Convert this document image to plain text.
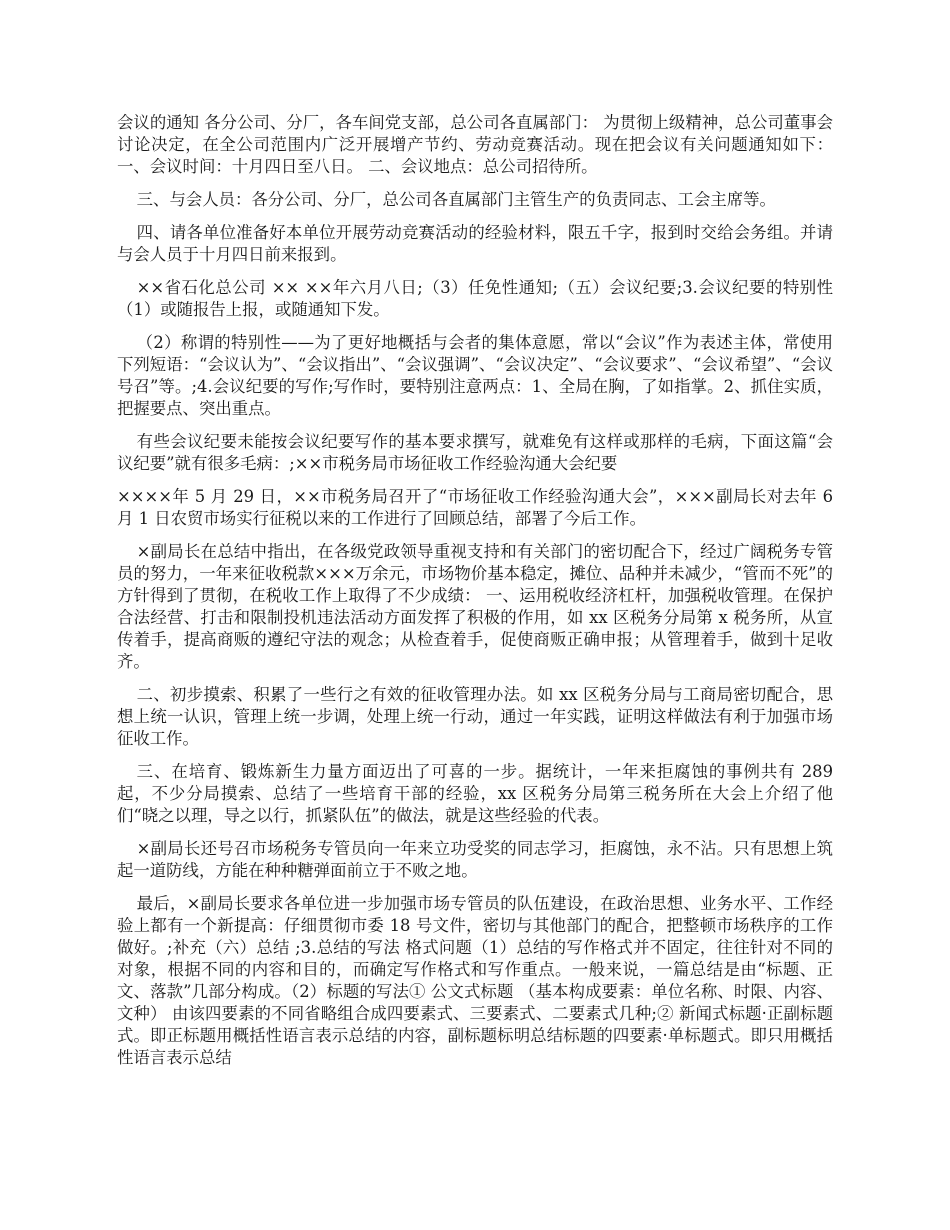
会议的通知 各分公司、分厂，各车间党支部，总公司各直属部门： 为贯彻上级精神，总公司董事会讨论决定，在全公司范围内广泛开展增产节约、劳动竞赛活动。现在把会议有关问题通知如下： 一、会议时间：十月四日至八日。 二、会议地点：总公司招待所。

三、与会人员：各分公司、分厂，总公司各直属部门主管生产的负责同志、工会主席等。

四、请各单位准备好本单位开展劳动竞赛活动的经验材料，限五千字，报到时交给会务组。并请与会人员于十月四日前来报到。

××省石化总公司 ×× ××年六月八日;（3）任免性通知;（五）会议纪要;3.会议纪要的特别性 （1）或随报告上报，或随通知下发。

（2）称谓的特别性——为了更好地概括与会者的集体意愿，常以“会议”作为表述主体，常使用下列短语：“会议认为”、“会议指出”、“会议强调”、“会议决定”、“会议要求”、“会议希望”、“会议号召”等。;4.会议纪要的写作;写作时，要特别注意两点：1、全局在胸，了如指掌。2、抓住实质，把握要点、突出重点。

有些会议纪要未能按会议纪要写作的基本要求撰写，就难免有这样或那样的毛病，下面这篇“会议纪要”就有很多毛病：;××市税务局市场征收工作经验沟通大会纪要

××××年 5 月 29 日，××市税务局召开了“市场征收工作经验沟通大会”，×××副局长对去年 6 月 1 日农贸市场实行征税以来的工作进行了回顾总结，部署了今后工作。

×副局长在总结中指出，在各级党政领导重视支持和有关部门的密切配合下，经过广阔税务专管员的努力，一年来征收税款×××万余元，市场物价基本稳定，摊位、品种并未减少，“管而不死”的方针得到了贯彻，在税收工作上取得了不少成绩： 一、运用税收经济杠杆，加强税收管理。在保护合法经营、打击和限制投机违法活动方面发挥了积极的作用，如 xx 区税务分局第 x 税务所，从宣传着手，提高商贩的遵纪守法的观念；从检查着手，促使商贩正确申报；从管理着手，做到十足收齐。

二、初步摸索、积累了一些行之有效的征收管理办法。如 xx 区税务分局与工商局密切配合，思想上统一认识，管理上统一步调，处理上统一行动，通过一年实践，证明这样做法有利于加强市场征收工作。

三、在培育、锻炼新生力量方面迈出了可喜的一步。据统计，一年来拒腐蚀的事例共有 289 起，不少分局摸索、总结了一些培育干部的经验，xx 区税务分局第三税务所在大会上介绍了他们“晓之以理，导之以行，抓紧队伍”的做法，就是这些经验的代表。

×副局长还号召市场税务专管员向一年来立功受奖的同志学习，拒腐蚀，永不沾。只有思想上筑起一道防线，方能在种种糖弹面前立于不败之地。

最后，×副局长要求各单位进一步加强市场专管员的队伍建设，在政治思想、业务水平、工作经验上都有一个新提高：仔细贯彻市委 18 号文件，密切与其他部门的配合，把整顿市场秩序的工作做好。;补充（六）总结 ;3.总结的写法 格式问题（1）总结的写作格式并不固定，往往针对不同的对象，根据不同的内容和目的，而确定写作格式和写作重点。一般来说，一篇总结是由“标题、正文、落款”几部分构成。（2）标题的写法① 公文式标题 （基本构成要素：单位名称、时限、内容、文种） 由该四要素的不同省略组合成四要素式、三要素式、二要素式几种;② 新闻式标题·正副标题式。即正标题用概括性语言表示总结的内容，副标题标明总结标题的四要素·单标题式。即只用概括性语言表示总结
